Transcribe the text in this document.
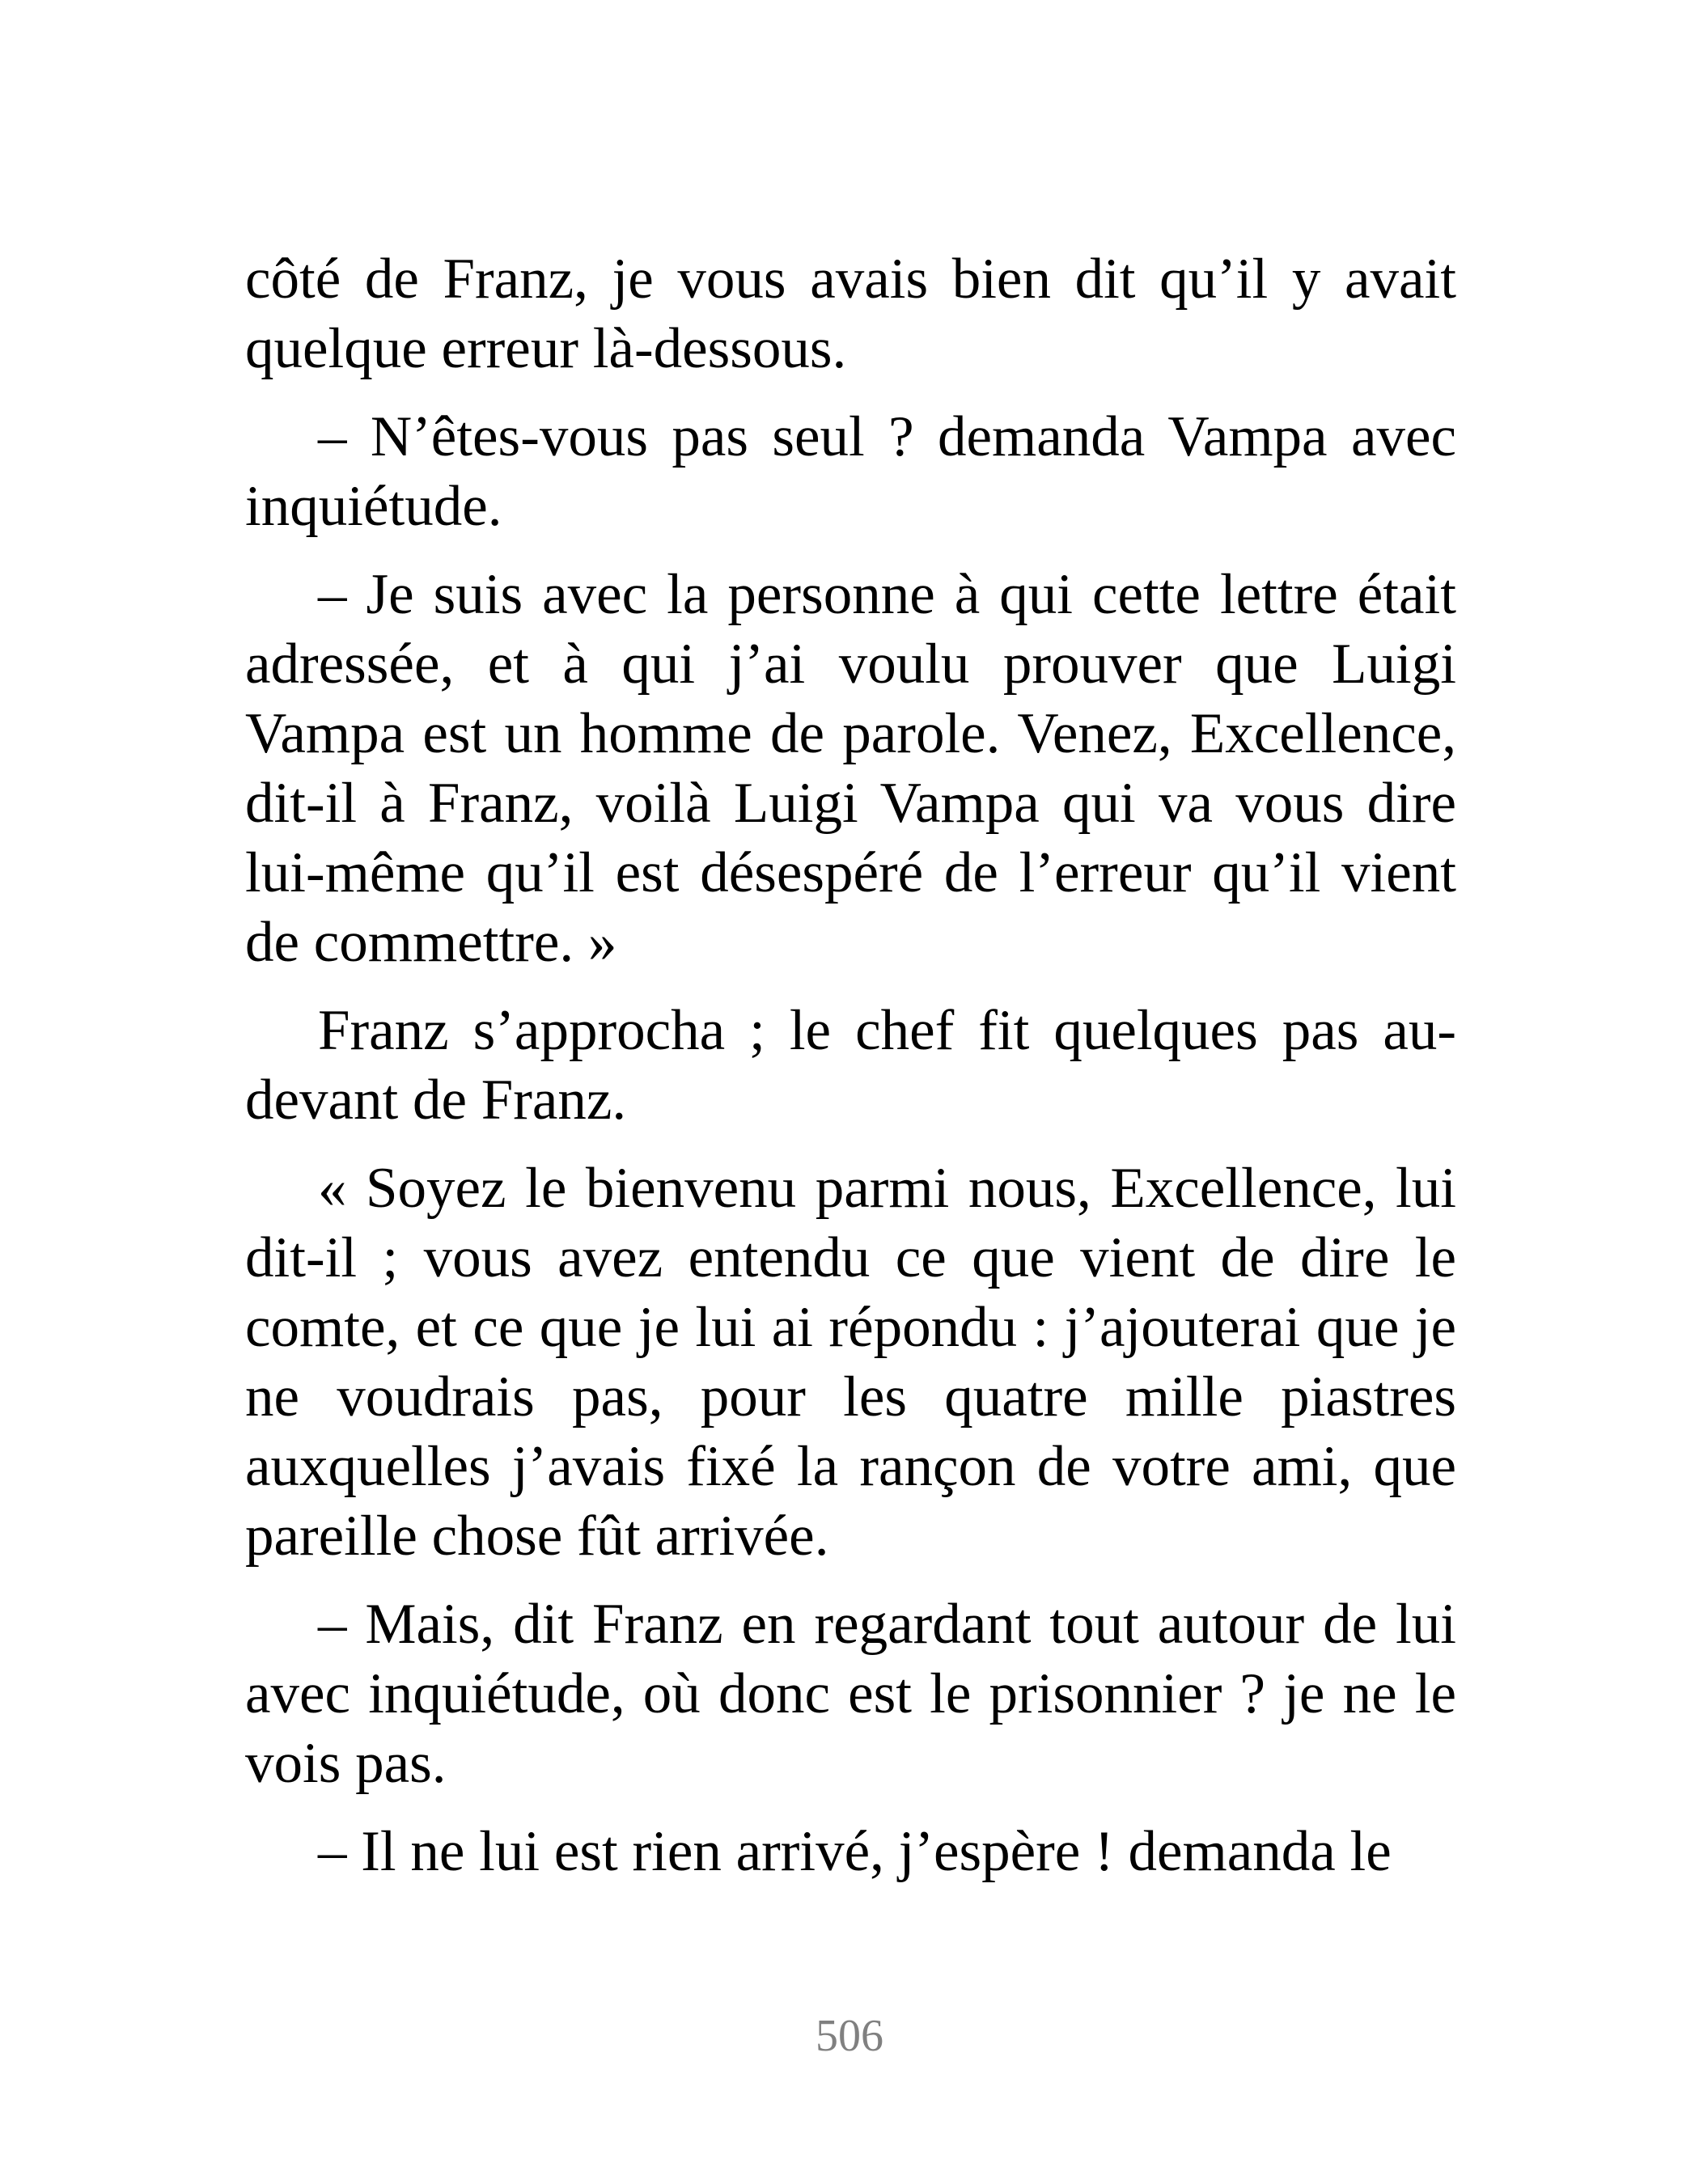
côté de Franz, je vous avais bien dit qu’il y avait quelque erreur là-dessous.

– N’êtes-vous pas seul ? demanda Vampa avec inquiétude.

– Je suis avec la personne à qui cette lettre était adressée, et à qui j’ai voulu prouver que Luigi Vampa est un homme de parole. Venez, Excellence, dit-il à Franz, voilà Luigi Vampa qui va vous dire lui-même qu’il est désespéré de l’erreur qu’il vient de commettre. »

Franz s’approcha ; le chef fit quelques pas au-devant de Franz.

« Soyez le bienvenu parmi nous, Excellence, lui dit-il ; vous avez entendu ce que vient de dire le comte, et ce que je lui ai répondu : j’ajouterai que je ne voudrais pas, pour les quatre mille piastres auxquelles j’avais fixé la rançon de votre ami, que pareille chose fût arrivée.

– Mais, dit Franz en regardant tout autour de lui avec inquiétude, où donc est le prisonnier ? je ne le vois pas.

– Il ne lui est rien arrivé, j’espère ! demanda le

506
